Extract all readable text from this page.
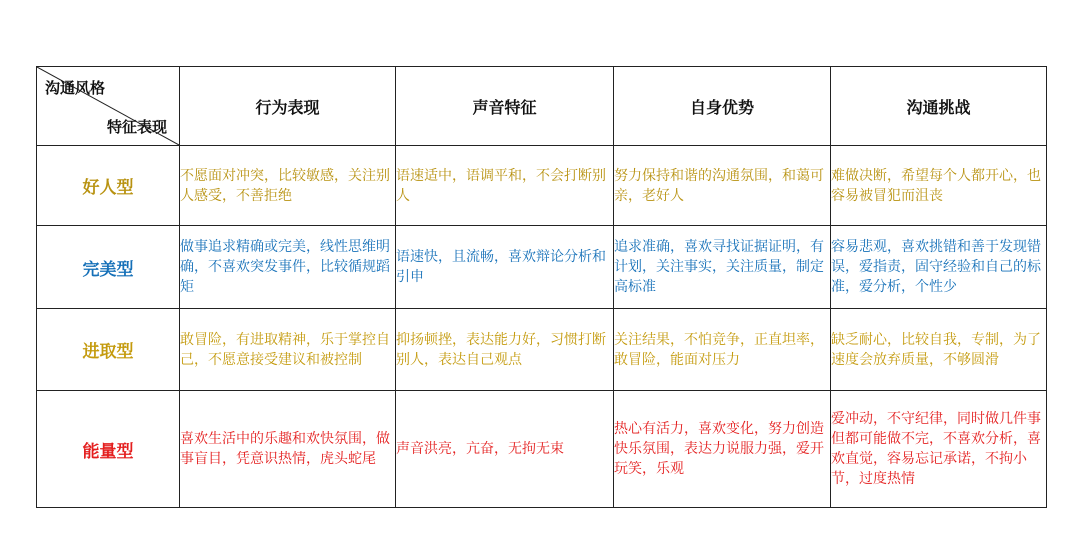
沟通风格
特征表现	行为表现	声音特征	自身优势	沟通挑战
好人型	不愿面对冲突，比较敏感，关注别人感受，不善拒绝	语速适中，语调平和，不会打断别人	努力保持和谐的沟通氛围，和蔼可亲，老好人	难做决断，希望每个人都开心，也容易被冒犯而沮丧
完美型	做事追求精确或完美，线性思维明确，不喜欢突发事件，比较循规蹈矩	语速快，且流畅，喜欢辩论分析和引申	追求准确，喜欢寻找证据证明，有计划，关注事实，关注质量，制定高标准	容易悲观，喜欢挑错和善于发现错误，爱指责，固守经验和自己的标准，爱分析，个性少
进取型	敢冒险，有进取精神，乐于掌控自己，不愿意接受建议和被控制	抑扬顿挫，表达能力好，习惯打断别人，表达自己观点	关注结果，不怕竞争，正直坦率，敢冒险，能面对压力	缺乏耐心，比较自我，专制，为了速度会放弃质量，不够圆滑
能量型	喜欢生活中的乐趣和欢快氛围，做事盲目，凭意识热情，虎头蛇尾	声音洪亮，亢奋，无拘无束	热心有活力，喜欢变化，努力创造快乐氛围，表达力说服力强，爱开玩笑，乐观	爱冲动，不守纪律，同时做几件事但都可能做不完，不喜欢分析，喜欢直觉，容易忘记承诺，不拘小节，过度热情
